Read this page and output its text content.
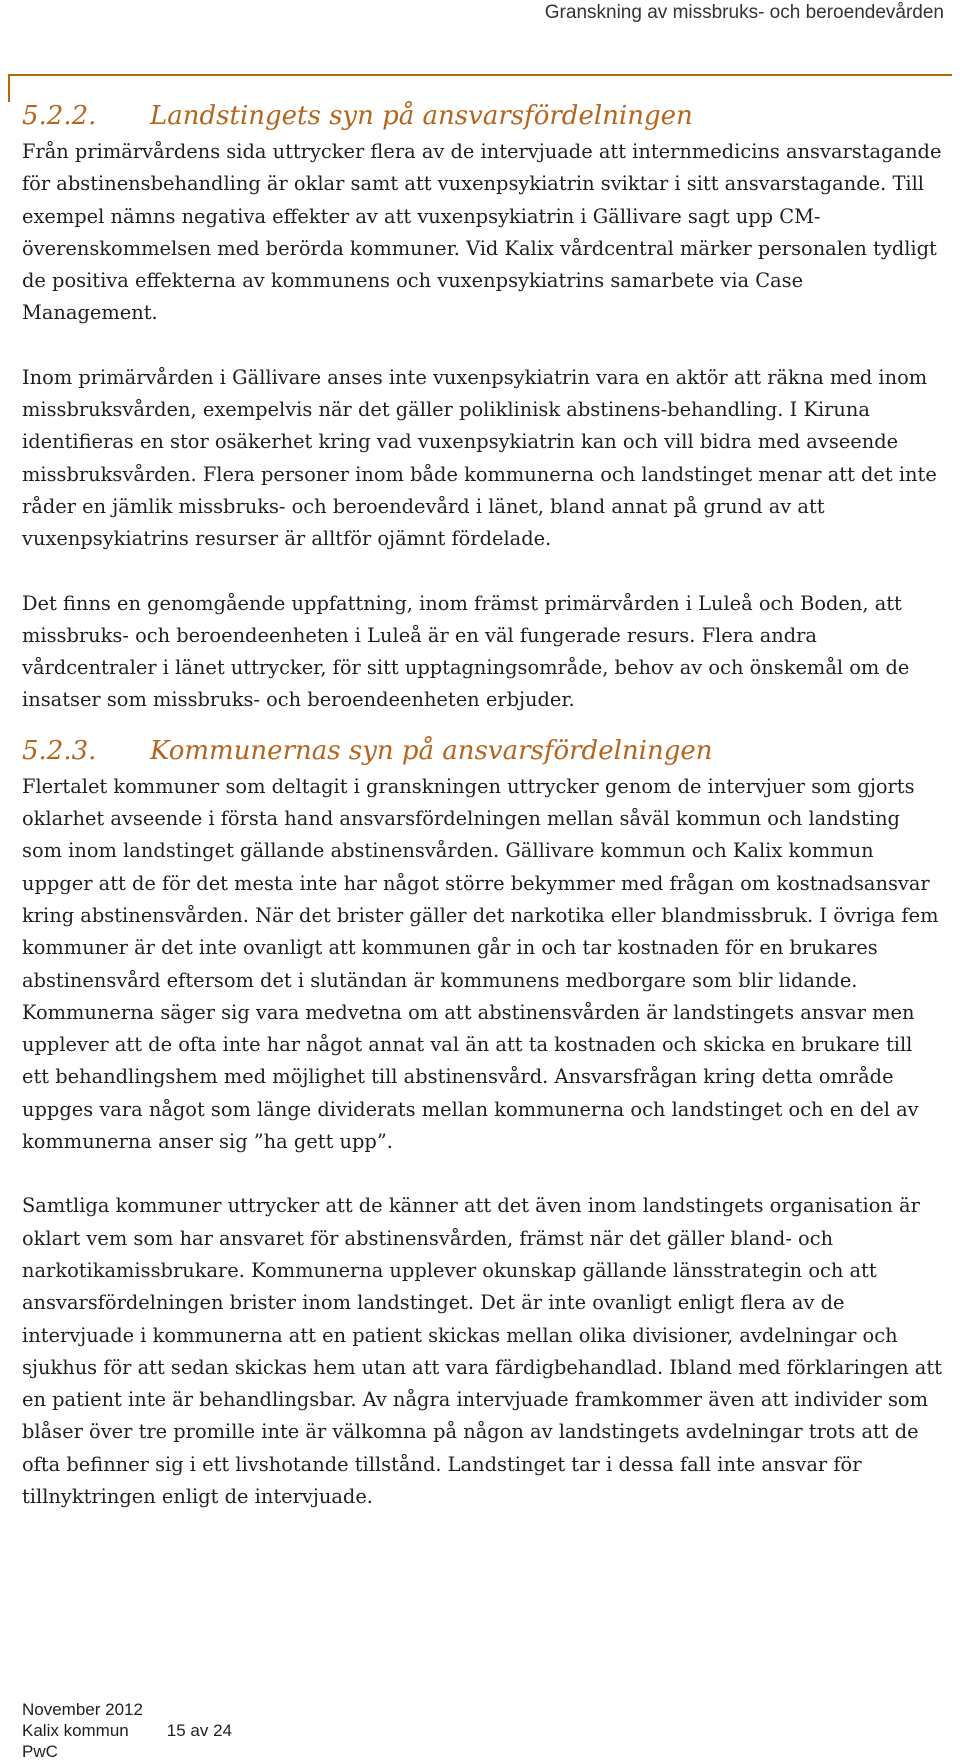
Granskning av missbruks- och beroendevården
5.2.2. Landstingets syn på ansvarsfördelningen

Från primärvårdens sida uttrycker flera av de intervjuade att internmedicins ansvarstagande för abstinensbehandling är oklar samt att vuxenpsykiatrin sviktar i sitt ansvarstagande. Till exempel nämns negativa effekter av att vuxenpsykiatrin i Gällivare sagt upp CM-överenskommelsen med berörda kommuner. Vid Kalix vårdcentral märker personalen tydligt de positiva effekterna av kommunens och vuxenpsykiatrins samarbete via Case Management.

Inom primärvården i Gällivare anses inte vuxenpsykiatrin vara en aktör att räkna med inom missbruksvården, exempelvis när det gäller poliklinisk abstinens-behandling. I Kiruna identifieras en stor osäkerhet kring vad vuxenpsykiatrin kan och vill bidra med avseende missbruksvården. Flera personer inom både kommunerna och landstinget menar att det inte råder en jämlik missbruks- och beroendevård i länet, bland annat på grund av att vuxenpsykiatrins resurser är alltför ojämnt fördelade.

Det finns en genomgående uppfattning, inom främst primärvården i Luleå och Boden, att missbruks- och beroendeenheten i Luleå är en väl fungerade resurs. Flera andra vårdcentraler i länet uttrycker, för sitt upptagningsområde, behov av och önskemål om de insatser som missbruks- och beroendeenheten erbjuder.

5.2.3. Kommunernas syn på ansvarsfördelningen

Flertalet kommuner som deltagit i granskningen uttrycker genom de intervjuer som gjorts oklarhet avseende i första hand ansvarsfördelningen mellan såväl kommun och landsting som inom landstinget gällande abstinensvården. Gällivare kommun och Kalix kommun uppger att de för det mesta inte har något större bekymmer med frågan om kostnadsansvar kring abstinensvården. När det brister gäller det narkotika eller blandmissbruk. I övriga fem kommuner är det inte ovanligt att kommunen går in och tar kostnaden för en brukares abstinensvård eftersom det i slutändan är kommunens medborgare som blir lidande. Kommunerna säger sig vara medvetna om att abstinensvården är landstingets ansvar men upplever att de ofta inte har något annat val än att ta kostnaden och skicka en brukare till ett behandlingshem med möjlighet till abstinensvård. Ansvarsfrågan kring detta område uppges vara något som länge dividerats mellan kommunerna och landstinget och en del av kommunerna anser sig ”ha gett upp”.

Samtliga kommuner uttrycker att de känner att det även inom landstingets organisation är oklart vem som har ansvaret för abstinensvården, främst när det gäller bland- och narkotikamissbrukare. Kommunerna upplever okunskap gällande länsstrategin och att ansvarsfördelningen brister inom landstinget. Det är inte ovanligt enligt flera av de intervjuade i kommunerna att en patient skickas mellan olika divisioner, avdelningar och sjukhus för att sedan skickas hem utan att vara färdigbehandlad. Ibland med förklaringen att en patient inte är behandlingsbar. Av några intervjuade framkommer även att individer som blåser över tre promille inte är välkomna på någon av landstingets avdelningar trots att de ofta befinner sig i ett livshotande tillstånd. Landstinget tar i dessa fall inte ansvar för tillnyktringen enligt de intervjuade.

November 2012
Kalix kommun 15 av 24
PwC
